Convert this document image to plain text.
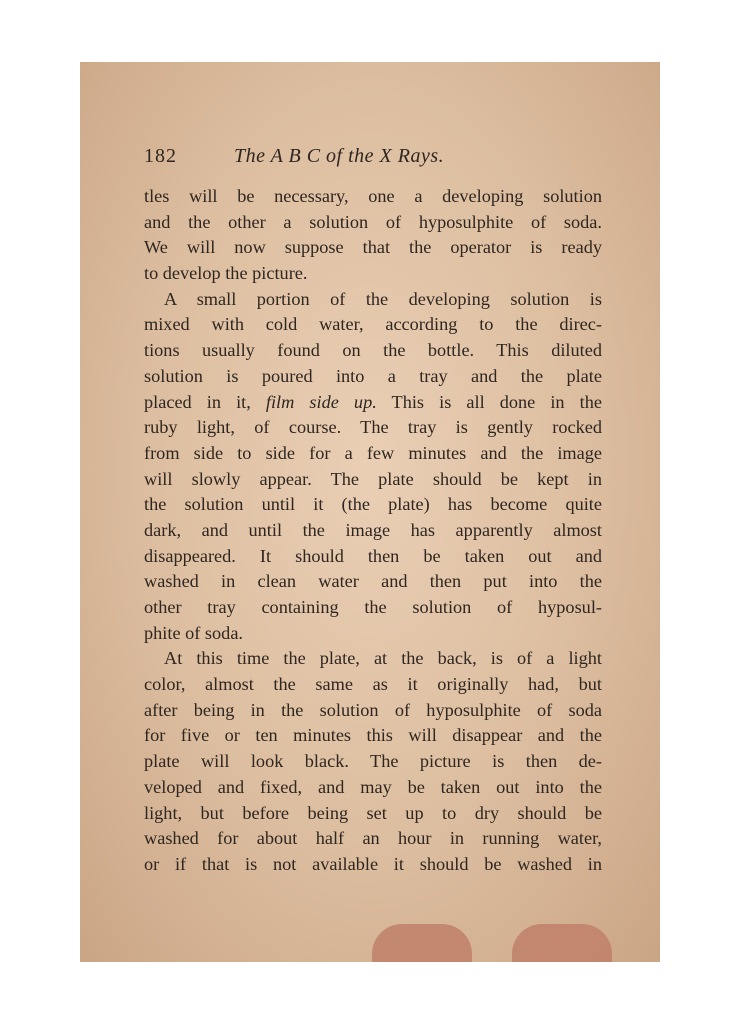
182	The A B C of the X Rays.
tles will be necessary, one a developing solution
and the other a solution of hyposulphite of soda.
We will now suppose that the operator is ready
to develop the picture.
A small portion of the developing solution is
mixed with cold water, according to the direc-
tions usually found on the bottle. This diluted
solution is poured into a tray and the plate
placed in it, film side up. This is all done in the
ruby light, of course. The tray is gently rocked
from side to side for a few minutes and the image
will slowly appear. The plate should be kept in
the solution until it (the plate) has become quite
dark, and until the image has apparently almost
disappeared. It should then be taken out and
washed in clean water and then put into the
other tray containing the solution of hyposul-
phite of soda.
At this time the plate, at the back, is of a light
color, almost the same as it originally had, but
after being in the solution of hyposulphite of soda
for five or ten minutes this will disappear and the
plate will look black. The picture is then de-
veloped and fixed, and may be taken out into the
light, but before being set up to dry should be
washed for about half an hour in running water,
or if that is not available it should be washed in
